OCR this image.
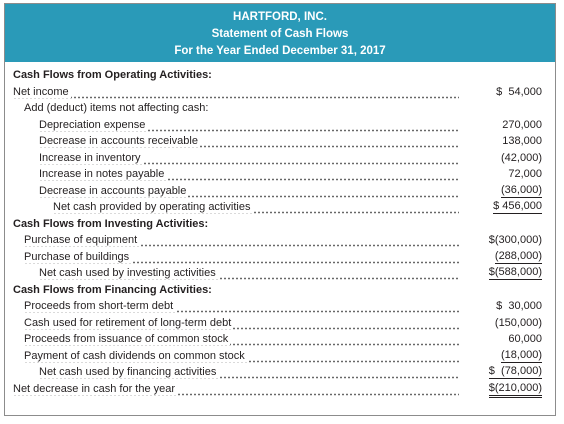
HARTFORD, INC.
Statement of Cash Flows
For the Year Ended December 31, 2017
Cash Flows from Operating Activities:
Net income	$  54,000
Add (deduct) items not affecting cash:
Depreciation expense	270,000
Decrease in accounts receivable	138,000
Increase in inventory	(42,000)
Increase in notes payable	72,000
Decrease in accounts payable	(36,000)
Net cash provided by operating activities	$ 456,000
Cash Flows from Investing Activities:
Purchase of equipment	$(300,000)
Purchase of buildings	(288,000)
Net cash used by investing activities	$(588,000)
Cash Flows from Financing Activities:
Proceeds from short-term debt	$  30,000
Cash used for retirement of long-term debt	(150,000)
Proceeds from issuance of common stock	60,000
Payment of cash dividends on common stock	(18,000)
Net cash used by financing activities	$  (78,000)
Net decrease in cash for the year	$(210,000)
